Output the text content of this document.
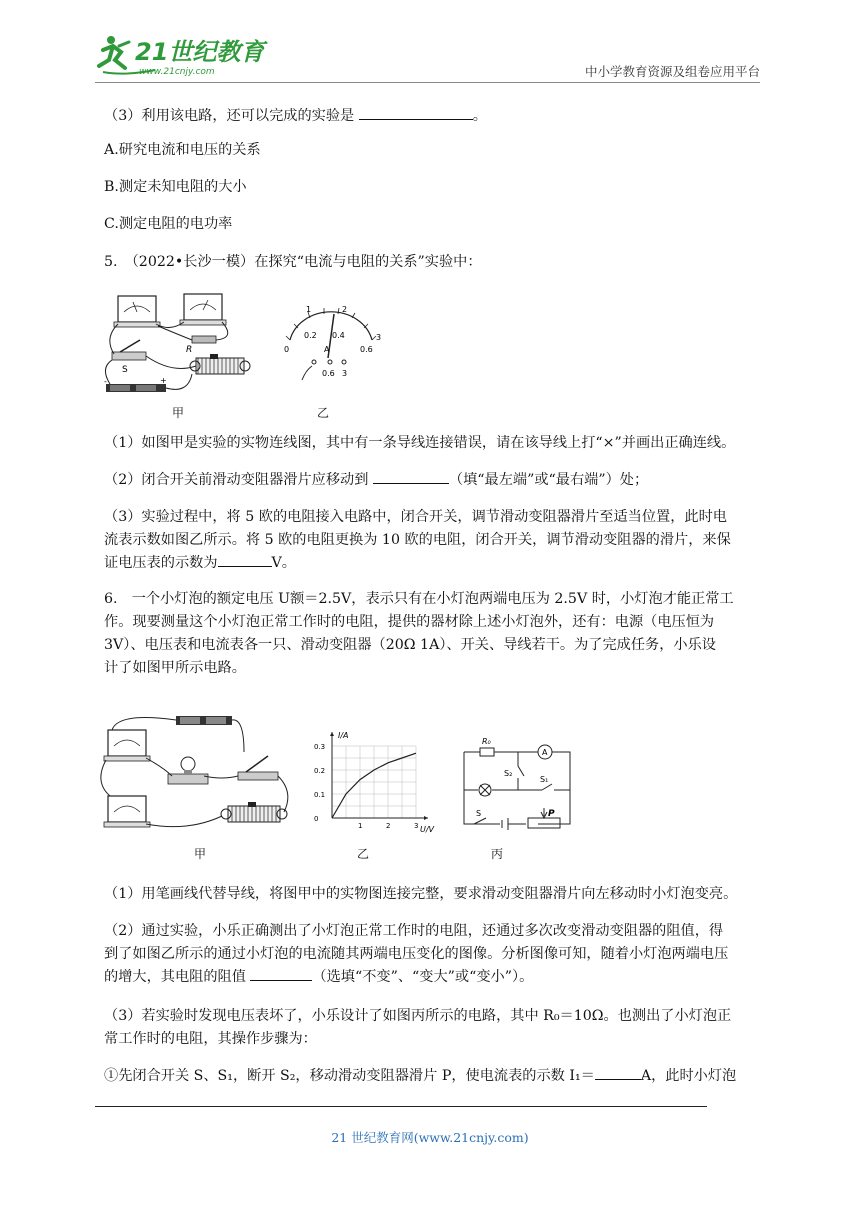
21世纪教育
www.21cnjy.com	中小学教育资源及组卷应用平台
（3）利用该电路，还可以完成的实验是	。
A.研究电流和电压的关系
B.测定未知电阻的大小
C.测定电阻的电功率
5.　（2022•长沙一模）在探究“电流与电阻的关系”实验中：
R
S
-	+
甲
1	2
0
0.2 0.4
0.6
3
A
0.6 3
乙
（1）如图甲是实验的实物连线图，其中有一条导线连接错误，请在该导线上打“×”并画出正确连线。
（2）闭合开关前滑动变阻器滑片应移动到	（填“最左端”或“最右端”）处；
（3）实验过程中，将 5 欧的电阻接入电路中，闭合开关，调节滑动变阻器滑片至适当位置，此时电
流表示数如图乙所示。将 5 欧的电阻更换为 10 欧的电阻，闭合开关，调节滑动变阻器的滑片，来保
证电压表的示数为	V。
6.　一个小灯泡的额定电压 U额＝2.5V，表示只有在小灯泡两端电压为 2.5V 时，小灯泡才能正常工
作。现要测量这个小灯泡正常工作时的电阻，提供的器材除上述小灯泡外，还有：电源（电压恒为
3V）、电压表和电流表各一只、滑动变阻器（20Ω 1A）、开关、导线若干。为了完成任务，小乐设
计了如图甲所示电路。
甲
I/A
U/V
0.3
0.2
0.1
0
1	2	3
乙
R₀
A
S₂
S₁
S	P
丙
（1）用笔画线代替导线，将图甲中的实物图连接完整，要求滑动变阻器滑片向左移动时小灯泡变亮。
（2）通过实验，小乐正确测出了小灯泡正常工作时的电阻，还通过多次改变滑动变阻器的阻值，得
到了如图乙所示的通过小灯泡的电流随其两端电压变化的图像。分析图像可知，随着小灯泡两端电压
的增大，其电阻的阻值	（选填“不变”、“变大”或“变小”）。
（3）若实验时发现电压表坏了，小乐设计了如图丙所示的电路，其中 R₀＝10Ω。也测出了小灯泡正
常工作时的电阻，其操作步骤为：
①先闭合开关 S、S₁，断开 S₂，移动滑动变阻器滑片 P，使电流表的示数 I₁＝	A，此时小灯泡
21 世纪教育网(www.21cnjy.com)
